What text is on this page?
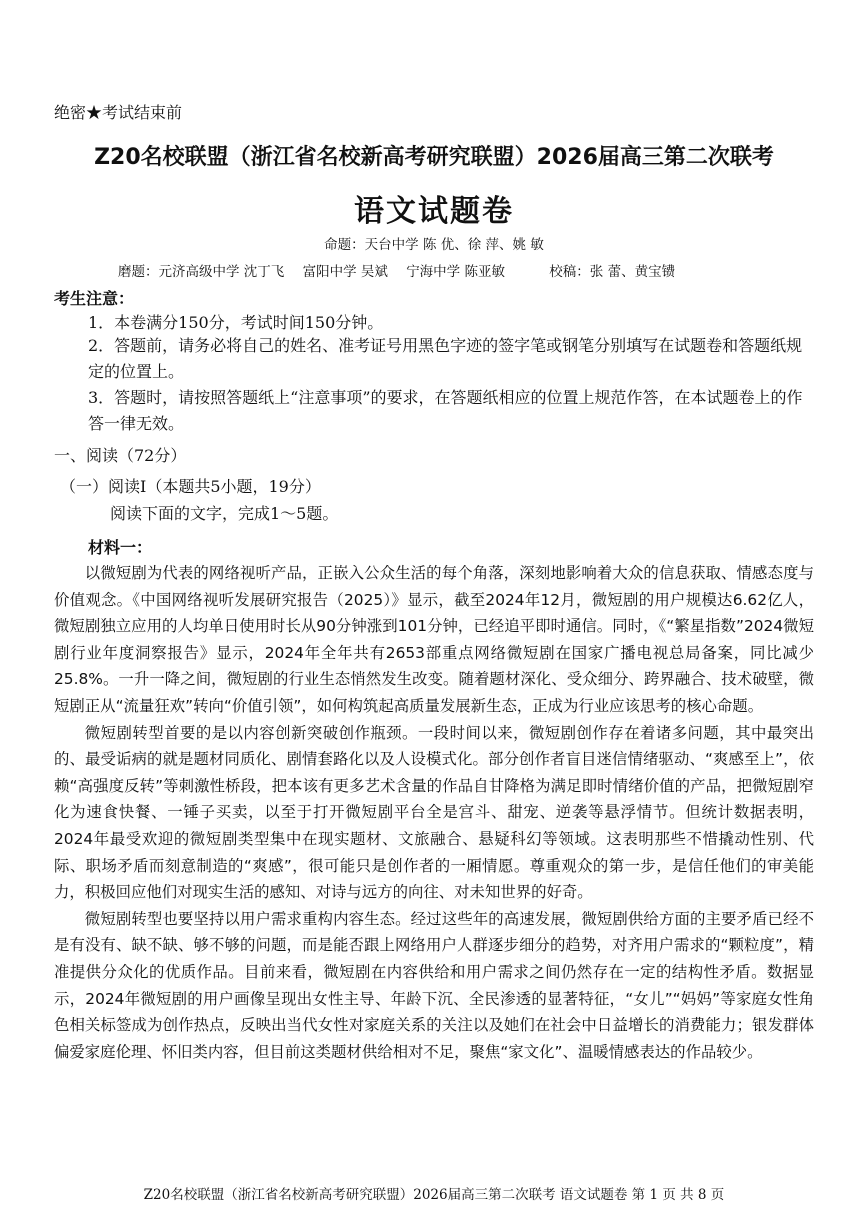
绝密★考试结束前
Z20名校联盟（浙江省名校新高考研究联盟）2026届高三第二次联考
语文试题卷
命题：天台中学 陈 优、徐 萍、姚 敏
磨题：元济高级中学 沈丁飞 富阳中学 吴斌 宁海中学 陈亚敏	校稿：张 蕾、黄宝镄
考生注意：
1．本卷满分150分，考试时间150分钟。
2．答题前，请务必将自己的姓名、准考证号用黑色字迹的签字笔或钢笔分别填写在试题卷和答题纸规定的位置上。
3．答题时，请按照答题纸上“注意事项”的要求，在答题纸相应的位置上规范作答，在本试题卷上的作答一律无效。
一、阅读（72分）
（一）阅读Ⅰ（本题共5小题，19分）
阅读下面的文字，完成1～5题。
材料一：

以微短剧为代表的网络视听产品，正嵌入公众生活的每个角落，深刻地影响着大众的信息获取、情感态度与价值观念。《中国网络视听发展研究报告（2025）》显示，截至2024年12月，微短剧的用户规模达6.62亿人，微短剧独立应用的人均单日使用时长从90分钟涨到101分钟，已经追平即时通信。同时，《“繁星指数”2024微短剧行业年度洞察报告》显示，2024年全年共有2653部重点网络微短剧在国家广播电视总局备案，同比减少 25.8%。一升一降之间，微短剧的行业生态悄然发生改变。随着题材深化、受众细分、跨界融合、技术破壁，微短剧正从“流量狂欢”转向“价值引领”，如何构筑起高质量发展新生态，正成为行业应该思考的核心命题。

微短剧转型首要的是以内容创新突破创作瓶颈。一段时间以来，微短剧创作存在着诸多问题，其中最突出的、最受诟病的就是题材同质化、剧情套路化以及人设模式化。部分创作者盲目迷信情绪驱动、“爽感至上”，依赖“高强度反转”等刺激性桥段，把本该有更多艺术含量的作品自甘降格为满足即时情绪价值的产品，把微短剧窄化为速食快餐、一锤子买卖，以至于打开微短剧平台全是宫斗、甜宠、逆袭等悬浮情节。但统计数据表明，2024年最受欢迎的微短剧类型集中在现实题材、文旅融合、悬疑科幻等领域。这表明那些不惜撬动性别、代际、职场矛盾而刻意制造的“爽感”，很可能只是创作者的一厢情愿。尊重观众的第一步，是信任他们的审美能力，积极回应他们对现实生活的感知、对诗与远方的向往、对未知世界的好奇。

微短剧转型也要坚持以用户需求重构内容生态。经过这些年的高速发展，微短剧供给方面的主要矛盾已经不是有没有、缺不缺、够不够的问题，而是能否跟上网络用户人群逐步细分的趋势，对齐用户需求的“颗粒度”，精准提供分众化的优质作品。目前来看，微短剧在内容供给和用户需求之间仍然存在一定的结构性矛盾。数据显示，2024年微短剧的用户画像呈现出女性主导、年龄下沉、全民渗透的显著特征，“女儿”“妈妈”等家庭女性角色相关标签成为创作热点，反映出当代女性对家庭关系的关注以及她们在社会中日益增长的消费能力；银发群体偏爱家庭伦理、怀旧类内容，但目前这类题材供给相对不足，聚焦“家文化”、温暖情感表达的作品较少。

Z20名校联盟（浙江省名校新高考研究联盟）2026届高三第二次联考 语文试题卷 第 1 页 共 8 页
